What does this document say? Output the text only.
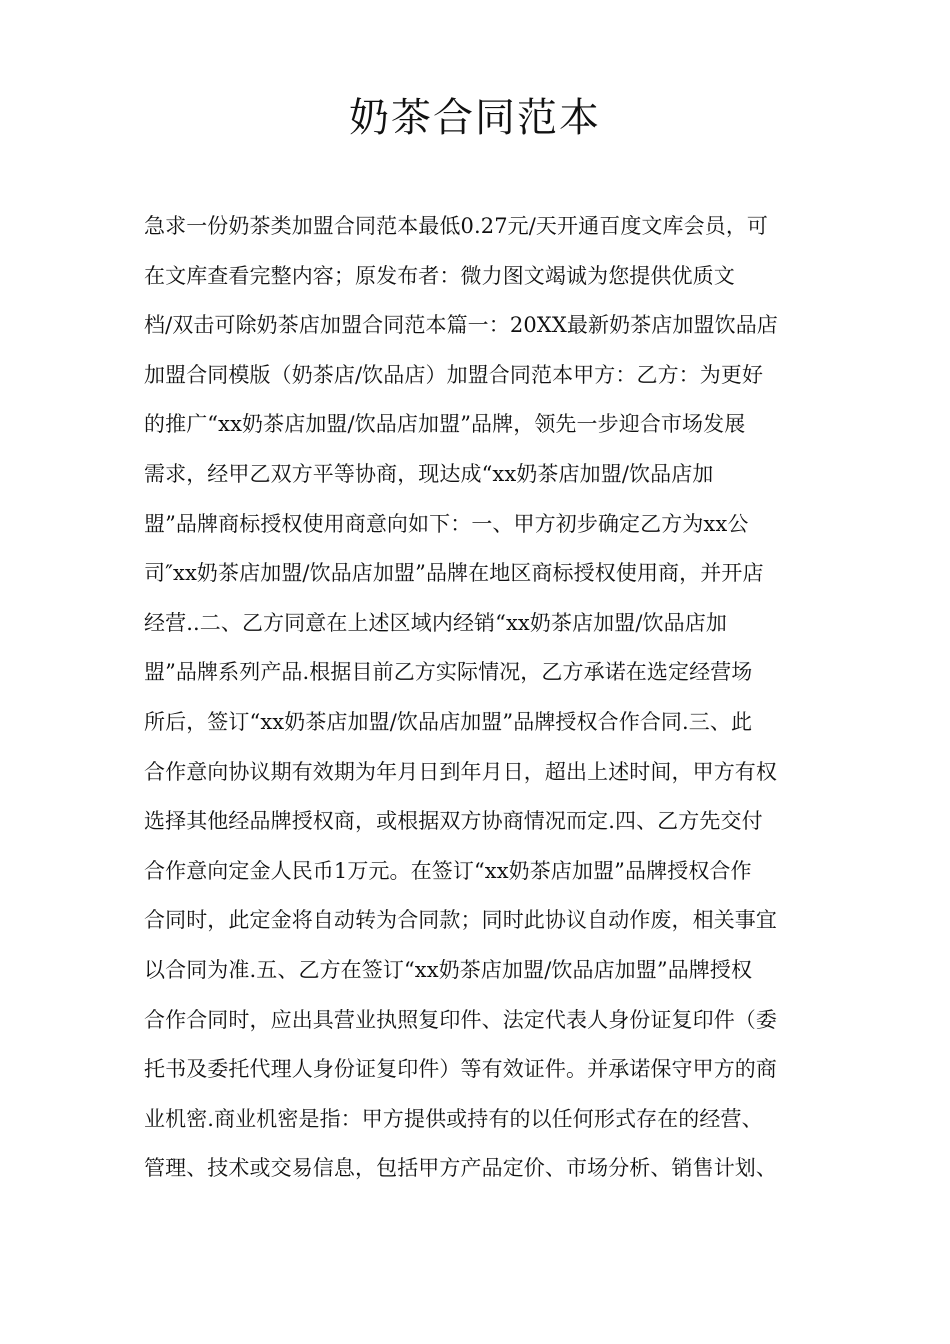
奶茶合同范本
急求一份奶茶类加盟合同范本最低0.27元/天开通百度文库会员，可
在文库查看完整内容；原发布者：微力图文竭诚为您提供优质文
档/双击可除奶茶店加盟合同范本篇一：20XX最新奶茶店加盟饮品店
加盟合同模版（奶茶店/饮品店）加盟合同范本甲方：乙方：为更好
的推广“xx奶茶店加盟/饮品店加盟”品牌，领先一步迎合市场发展
需求，经甲乙双方平等协商，现达成“xx奶茶店加盟/饮品店加
盟”品牌商标授权使用商意向如下：一、甲方初步确定乙方为xx公
司″xx奶茶店加盟/饮品店加盟”品牌在地区商标授权使用商，并开店
经营..二、乙方同意在上述区域内经销“xx奶茶店加盟/饮品店加
盟”品牌系列产品.根据目前乙方实际情况，乙方承诺在选定经营场
所后，签订“xx奶茶店加盟/饮品店加盟”品牌授权合作合同.三、此
合作意向协议期有效期为年月日到年月日，超出上述时间，甲方有权
选择其他经品牌授权商，或根据双方协商情况而定.四、乙方先交付
合作意向定金人民币1万元。在签订“xx奶茶店加盟”品牌授权合作
合同时，此定金将自动转为合同款；同时此协议自动作废，相关事宜
以合同为准.五、乙方在签订“xx奶茶店加盟/饮品店加盟”品牌授权
合作合同时，应出具营业执照复印件、法定代表人身份证复印件（委
托书及委托代理人身份证复印件）等有效证件。并承诺保守甲方的商
业机密.商业机密是指：甲方提供或持有的以任何形式存在的经营、
管理、技术或交易信息，包括甲方产品定价、市场分析、销售计划、
